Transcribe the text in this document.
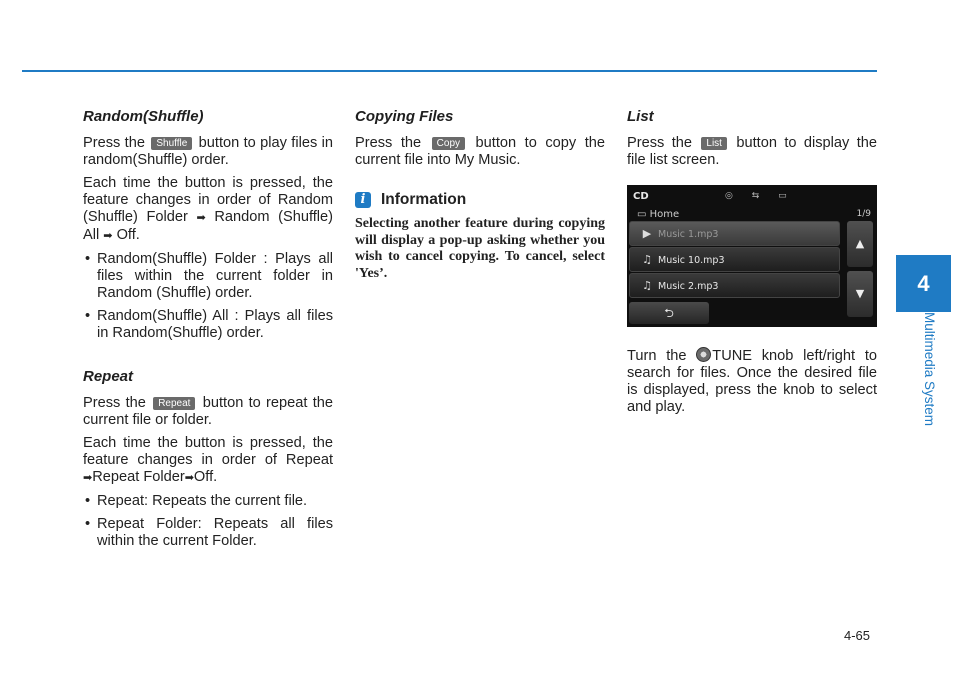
Random(Shuffle)

Press the Shuffle button to play files in random(Shuffle) order.

Each time the button is pressed, the feature changes in order of Random (Shuffle) Folder ➡ Random (Shuffle) All ➡ Off.

• Random(Shuffle) Folder : Plays all files within the current folder in Random (Shuffle) order.
• Random(Shuffle) All : Plays all files in Random(Shuffle) order.
Repeat

Press the Repeat button to repeat the current file or folder.

Each time the button is pressed, the feature changes in order of Repeat ➡Repeat Folder➡Off.

• Repeat: Repeats the current file.
• Repeat Folder: Repeats all files within the current Folder.
Copying Files

Press the Copy button to copy the current file into My Music.

i	Information

Selecting another feature during copying will display a pop-up asking whether you wish to cancel copying. To cancel, select 'Yes’.

List

Press the List button to display the file list screen.

CD	◎ ⇆ ▭
▭ Home	1/9
▶ Music 1.mp3
♫ Music 10.mp3
♫ Music 2.mp3
▲
▼
⮌

Turn the TUNE knob left/right to search for files. Once the desired file is displayed, press the knob to select and play.

4
Multimedia System
4-65
